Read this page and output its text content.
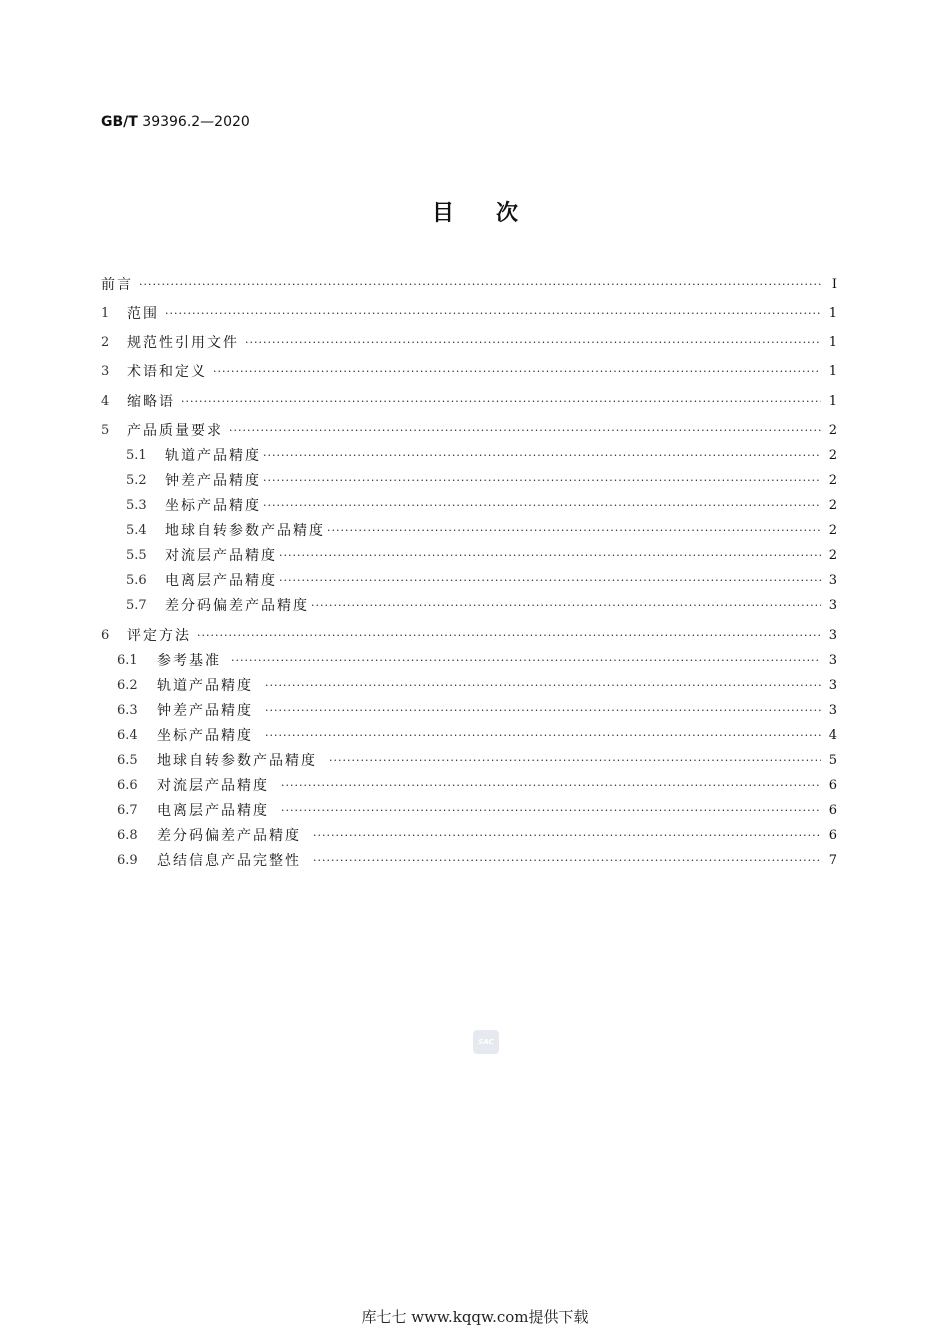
GB/T 39396.2—2020
目次
前言 ·····	I
1	范围 ·····	1
2	规范性引用文件 ·····	1
3	术语和定义 ·····	1
4	缩略语 ·····	1
5	产品质量要求 ·····	2
5.1	轨道产品精度 ·····	2
5.2	钟差产品精度 ·····	2
5.3	坐标产品精度 ·····	2
5.4	地球自转参数产品精度 ·····	2
5.5	对流层产品精度 ·····	2
5.6	电离层产品精度 ·····	3
5.7	差分码偏差产品精度 ·····	3
6	评定方法 ·····	3
6.1	参考基准 ·····	3
6.2	轨道产品精度 ·····	3
6.3	钟差产品精度 ·····	3
6.4	坐标产品精度 ·····	4
6.5	地球自转参数产品精度 ·····	5
6.6	对流层产品精度 ·····	6
6.7	电离层产品精度 ·····	6
6.8	差分码偏差产品精度 ·····	6
6.9	总结信息产品完整性 ·····	7
SAC
库七七 www.kqqw.com提供下载
